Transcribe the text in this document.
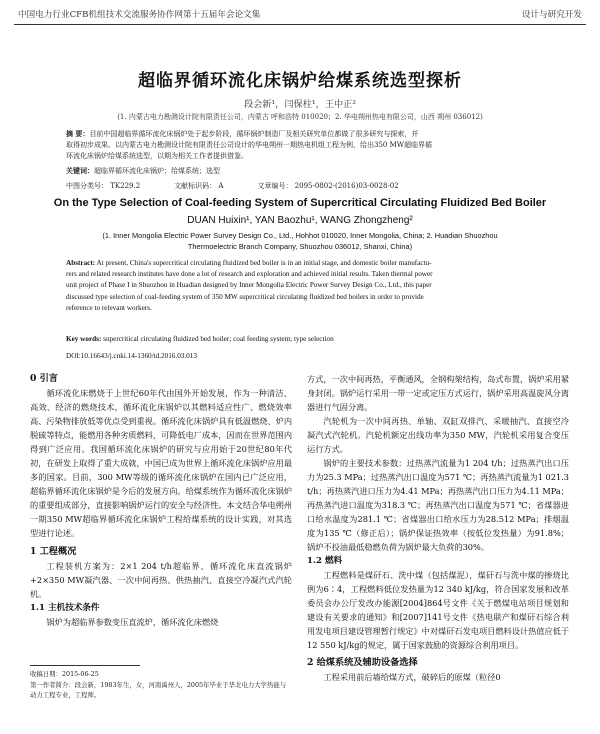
中国电力行业CFB机组技术交流服务协作网第十五届年会论文集	设计与研究开发
超临界循环流化床锅炉给煤系统选型探析
段会新¹，闫保柱¹，王中正²
(1. 内蒙古电力勘测设计院有限责任公司，内蒙古 呼和浩特 010020；2. 华电朔州热电有限公司，山西 朔州 036012)
摘 要：目前中国超临界循环流化床锅炉处于起步阶段，循环锅炉制造厂及相关研究单位都做了很多研究与探索，并
取得初步成果。以内蒙古电力勘测设计院有限责任公司设计的华电朔州一期热电机组工程为例，给出350 MW超临界循
环流化床锅炉给煤系统选型，以期为相关工作者提供借鉴。
关键词：超临界循环流化床锅炉；给煤系统；选型
中图分类号： TK229.2	文献标识码： A	文章编号： 2095-0802-(2016)03-0028-02
On the Type Selection of Coal-feeding System of Supercritical Circulating Fluidized Bed Boiler
DUAN Huixin¹, YAN Baozhu¹, WANG Zhongzheng²
(1. Inner Mongolia Electric Power Survey Design Co., Ltd., Hohhot 010020, Inner Mongolia, China; 2. Huadian Shuozhou
Thermoelectric Branch Company, Shuozhou 036012, Shanxi, China)
Abstract: At present, China's supercritical circulating fluidized bed boiler is in an initial stage, and domestic boiler manufactu-
rers and related research institutes have done a lot of research and exploration and achieved initial results. Taken thermal power
unit project of Phase I in Shuozhou in Huadian designed by Inner Mongolia Electric Power Survey Design Co., Ltd., this paper
discussed type selection of coal-feeding system of 350 MW supercritical circulating fluidized bed boilers in order to provide
reference to relevant workers.
Key words: supercritical circulating fluidized bed boiler; coal feeding system; type selection
DOI:10.16643/j.cnki.14-1360/td.2016.03.013
0 引言

循环流化床燃烧于上世纪60年代由国外开始发展，作为一种清洁、高效、经济的燃烧技术，循环流化床锅炉以其燃料适应性广、燃烧效率高、污染物排放低等优点受到重视。循环流化床锅炉具有低温燃烧、炉内脱硫等特点，能燃用各种劣质燃料，可降低电厂成本，因而在世界范围内得到广泛应用。我国循环流化床锅炉的研究与应用始于20世纪80年代初，在研发上取得了重大成就，中国已成为世界上循环流化床锅炉应用最多的国家。目前，300 MW等级的循环流化床锅炉在国内已广泛应用，超临界循环流化床锅炉是今后的发展方向。给煤系统作为循环流化床锅炉的重要组成部分，直接影响锅炉运行的安全与经济性。本文结合华电朔州一期350 MW超临界循环流化床锅炉工程给煤系统的设计实践，对其选型进行论述。

1 工程概况

工程装机方案为：2×1 204 t/h超临界、循环流化床直流锅炉+2×350 MW凝汽器、一次中间再热、供热抽汽、直接空冷凝汽式汽轮机。

1.1 主机技术条件

锅炉为超临界参数变压直流炉，循环流化床燃烧

收稿日期：2015-06-25
第一作者简介：段会新，1983年生，女，河南禹州人，2005年毕业于华北电力大学热能与动力工程专业，工程师。

方式，一次中间再热，平衡通风，全钢构架结构，岛式布置，锅炉采用紧身封闭。锅炉运行采用一带一定或定压方式运行，锅炉采用高温旋风分离器进行气固分离。

汽轮机为一次中间再热、单轴、双缸双排汽、采暖抽汽、直接空冷凝汽式汽轮机。汽轮机额定出线功率为350 MW，汽轮机采用复合变压运行方式。

锅炉的主要技术参数：过热蒸汽流量为1 204 t/h；过热蒸汽出口压力为25.3 MPa；过热蒸汽出口温度为571 ℃；再热蒸汽流量为1 021.3 t/h；再热蒸汽进口压力为4.41 MPa；再热蒸汽出口压力为4.11 MPa；再热蒸汽进口温度为318.3 ℃；再热蒸汽出口温度为571 ℃；省煤器进口给水温度为281.1 ℃；省煤器出口给水压力为28.512 MPa；排烟温度为135 ℃（修正后）；锅炉保证热效率（按低位发热量）为91.8%；锅炉不投油最低稳燃负荷为锅炉最大负荷的30%。

1.2 燃料

工程燃料是煤矸石、洗中煤（包括煤泥），煤矸石与洗中煤的掺烧比例为6∶4，工程燃料低位发热量为12 340 kJ/kg，符合国家发展和改革委员会办公厅发改办能源[2004]864号文件《关于燃煤电站项目规划和建设有关要求的通知》和[2007]141号文件《热电联产和煤矸石综合利用发电项目建设管理暂行规定》中对煤矸石发电项目燃料设计热值应低于12 550 kJ/kg的规定，属于国家鼓励的资源综合利用项目。

2 给煤系统及辅助设备选择

工程采用前后墙给煤方式，破碎后的原煤（粒径0
